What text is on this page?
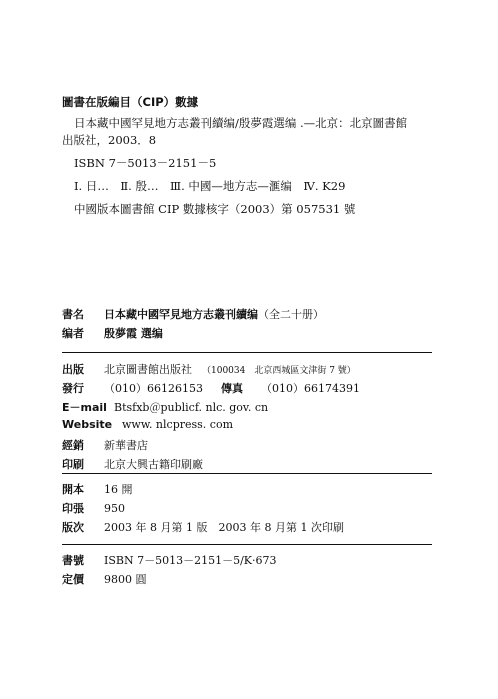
圖書在版編目（CIP）數據
日本藏中國罕見地方志叢刊續编/殷夢霞選编 .—北京：北京圖書館
出版社，2003．8
ISBN 7－5013－2151－5
Ⅰ. 日…　Ⅱ. 殷…　Ⅲ. 中國—地方志—滙编　Ⅳ. K29
中國版本圖書館 CIP 數據核字（2003）第 057531 號
書名	日本藏中國罕見地方志叢刊續编 （全二十册）
编者	殷夢霞 選编
出版	北京圖書館出版社 （100034　北京西城區文津街 7 號）
發行	（010）66126153 傳真 （010）66174391
E－mail Btsfxb＠publicf. nlc. gov. cn
Website www. nlcpress. com
經銷	新華書店
印刷	北京大興古籍印刷廠
開本	16 開
印張	950
版次	2003 年 8 月第 1 版　2003 年 8 月第 1 次印刷
書號	ISBN 7－5013－2151－5/K·673
定價	9800 圓
